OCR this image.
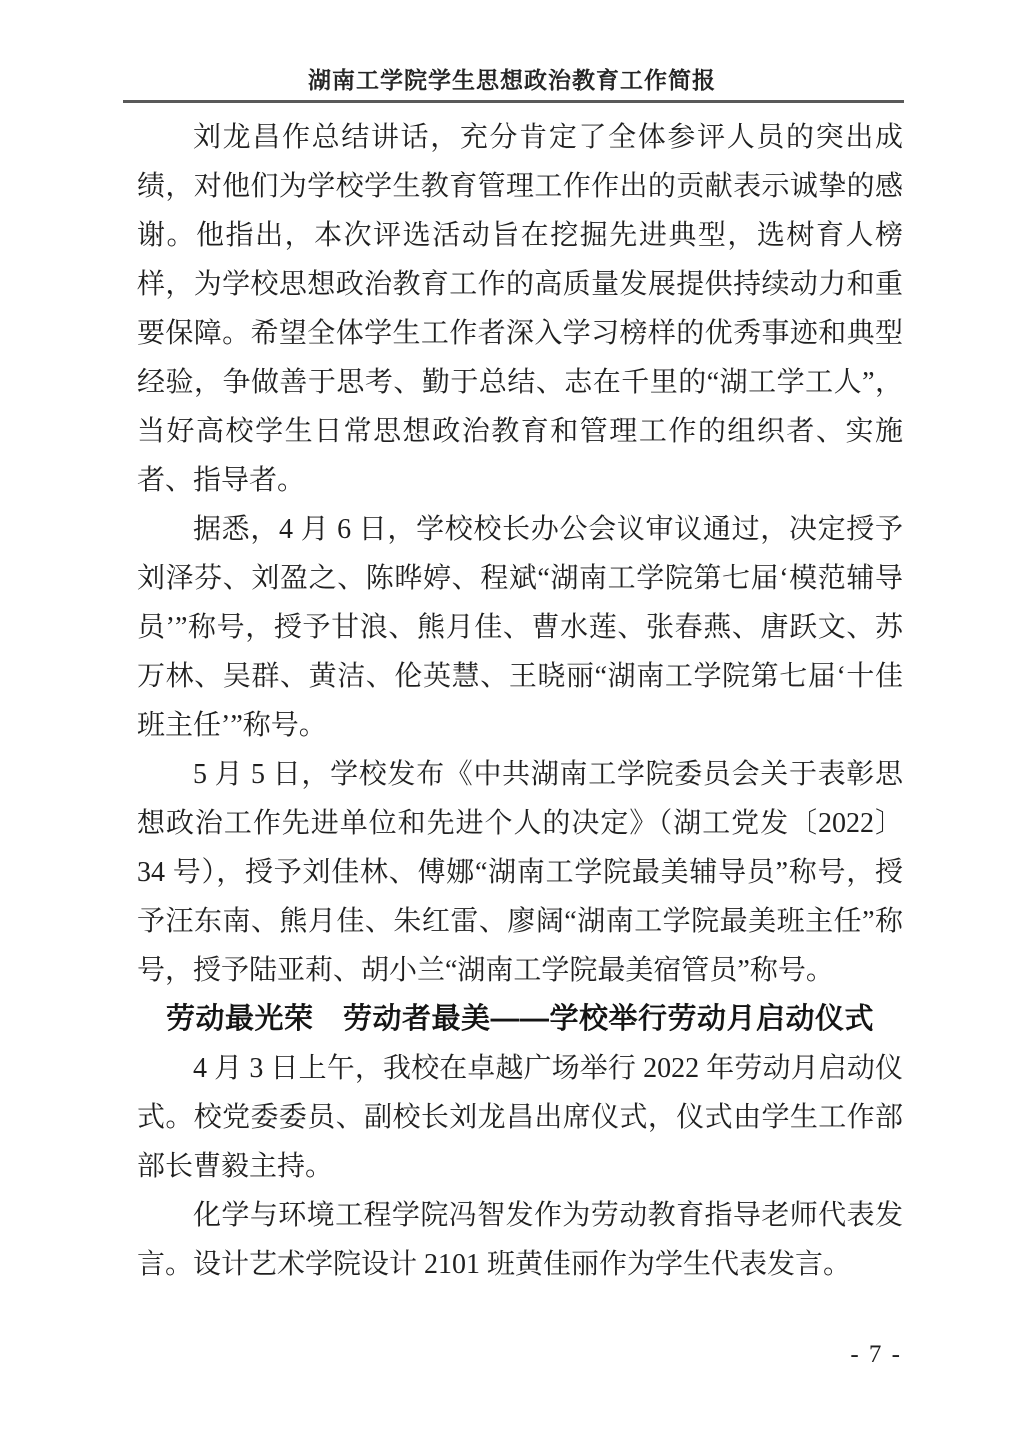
湖南工学院学生思想政治教育工作简报

刘龙昌作总结讲话，充分肯定了全体参评人员的突出成绩，对他们为学校学生教育管理工作作出的贡献表示诚挚的感谢。他指出，本次评选活动旨在挖掘先进典型，选树育人榜样，为学校思想政治教育工作的高质量发展提供持续动力和重要保障。希望全体学生工作者深入学习榜样的优秀事迹和典型经验，争做善于思考、勤于总结、志在千里的“湖工学工人”，当好高校学生日常思想政治教育和管理工作的组织者、实施者、指导者。

据悉，4 月 6 日，学校校长办公会议审议通过，决定授予刘泽芬、刘盈之、陈晔婷、程斌“湖南工学院第七届‘模范辅导员’”称号，授予甘浪、熊月佳、曹水莲、张春燕、唐跃文、苏万林、吴群、黄洁、伦英慧、王晓丽“湖南工学院第七届‘十佳班主任’”称号。

5 月 5 日，学校发布《中共湖南工学院委员会关于表彰思想政治工作先进单位和先进个人的决定》（湖工党发〔2022〕34 号），授予刘佳林、傅娜“湖南工学院最美辅导员”称号，授予汪东南、熊月佳、朱红雷、廖阔“湖南工学院最美班主任”称号，授予陆亚莉、胡小兰“湖南工学院最美宿管员”称号。

劳动最光荣　劳动者最美——学校举行劳动月启动仪式

4 月 3 日上午，我校在卓越广场举行 2022 年劳动月启动仪式。校党委委员、副校长刘龙昌出席仪式，仪式由学生工作部部长曹毅主持。

化学与环境工程学院冯智发作为劳动教育指导老师代表发言。设计艺术学院设计 2101 班黄佳丽作为学生代表发言。

- 7 -
